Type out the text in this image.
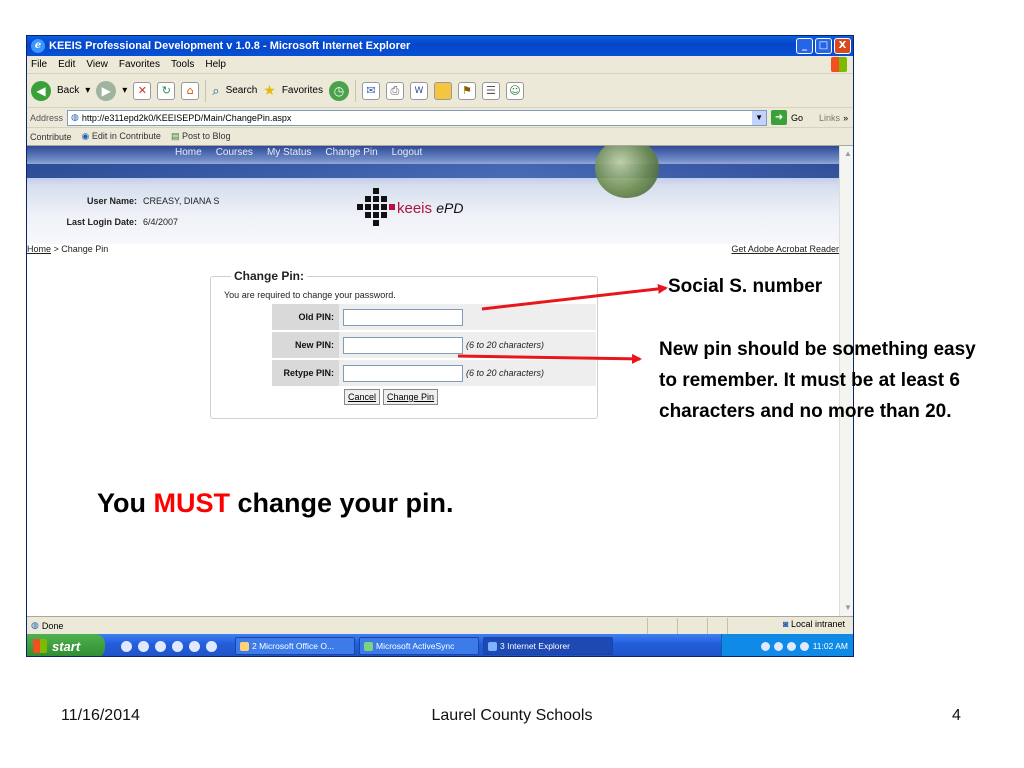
e KEEIS Professional Development v 1.0.8 - Microsoft Internet Explorer	_	□	X
File Edit View Favorites Tools Help
◀	Back ▾ ▶	▾ ✕	↻	⌂	⌕ Search ★ Favorites ◷	✉	⎙	W	⚑	☰	☺
Address ◍ http://e311epd2k0/KEEISEPD/Main/ChangePin.aspx	▼	➜ Go Links »
Contribute ◉ Edit in Contribute ▤ Post to Blog
Home Courses My Status Change Pin Logout
User Name: CREASY, DIANA S
Last Login Date: 6/4/2007
keeis ePD
Home > Change Pin	Get Adobe Acrobat Reader
Change Pin:
You are required to change your password.
Old PIN:
New PIN:	(6 to 20 characters)
Retype PIN:	(6 to 20 characters)
Cancel	Change Pin
▲
▼
◍ Done	◙ Local intranet
start	2 Microsoft Office O...	Microsoft ActiveSync	3 Internet Explorer	11:02 AM
Social S. number
New pin should be something easy to remember. It must be at least 6 characters and no more than 20.
You MUST change your pin.
11/16/2014	Laurel County Schools	4
